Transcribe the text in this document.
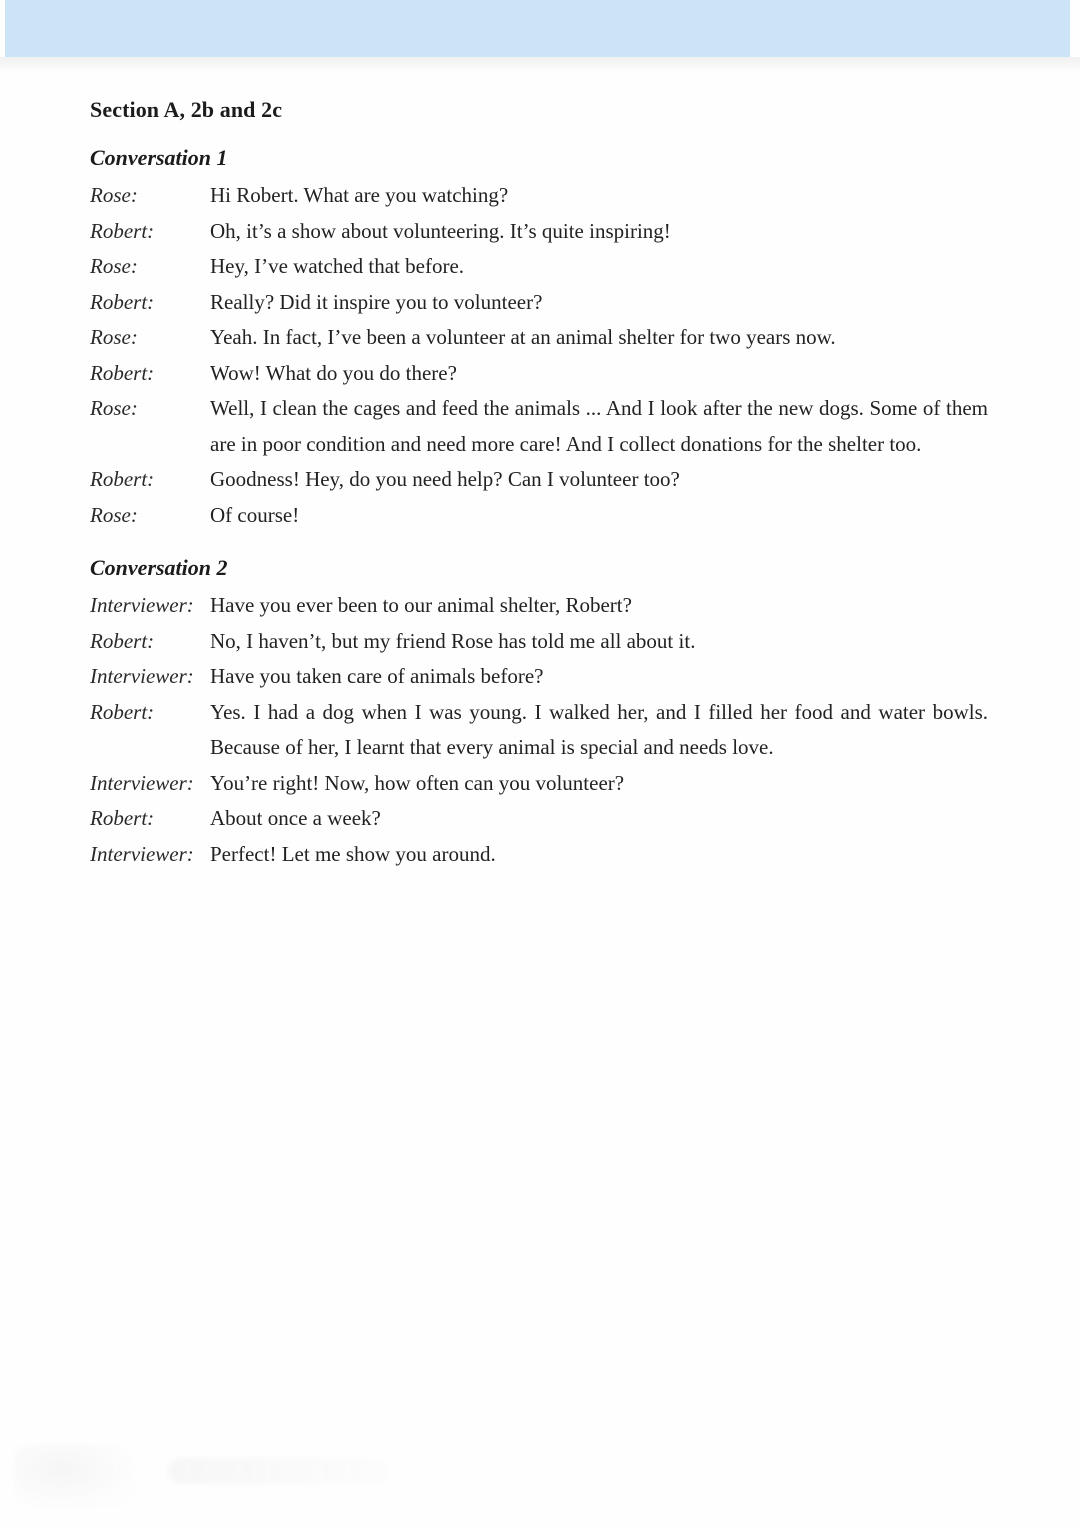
Section A, 2b and 2c
Conversation 1
Rose:	Hi Robert. What are you watching?
Robert:	Oh, it’s a show about volunteering. It’s quite inspiring!
Rose:	Hey, I’ve watched that before.
Robert:	Really? Did it inspire you to volunteer?
Rose:	Yeah. In fact, I’ve been a volunteer at an animal shelter for two years now.
Robert:	Wow! What do you do there?
Rose:	Well, I clean the cages and feed the animals ... And I look after the new dogs. Some of them are in poor condition and need more care! And I collect donations for the shelter too.
Robert:	Goodness! Hey, do you need help? Can I volunteer too?
Rose:	Of course!
Conversation 2
Interviewer: Have you ever been to our animal shelter, Robert?
Robert:	No, I haven’t, but my friend Rose has told me all about it.
Interviewer: Have you taken care of animals before?
Robert:	Yes. I had a dog when I was young. I walked her, and I filled her food and water bowls. Because of her, I learnt that every animal is special and needs love.
Interviewer: You’re right! Now, how often can you volunteer?
Robert:	About once a week?
Interviewer: Perfect! Let me show you around.
